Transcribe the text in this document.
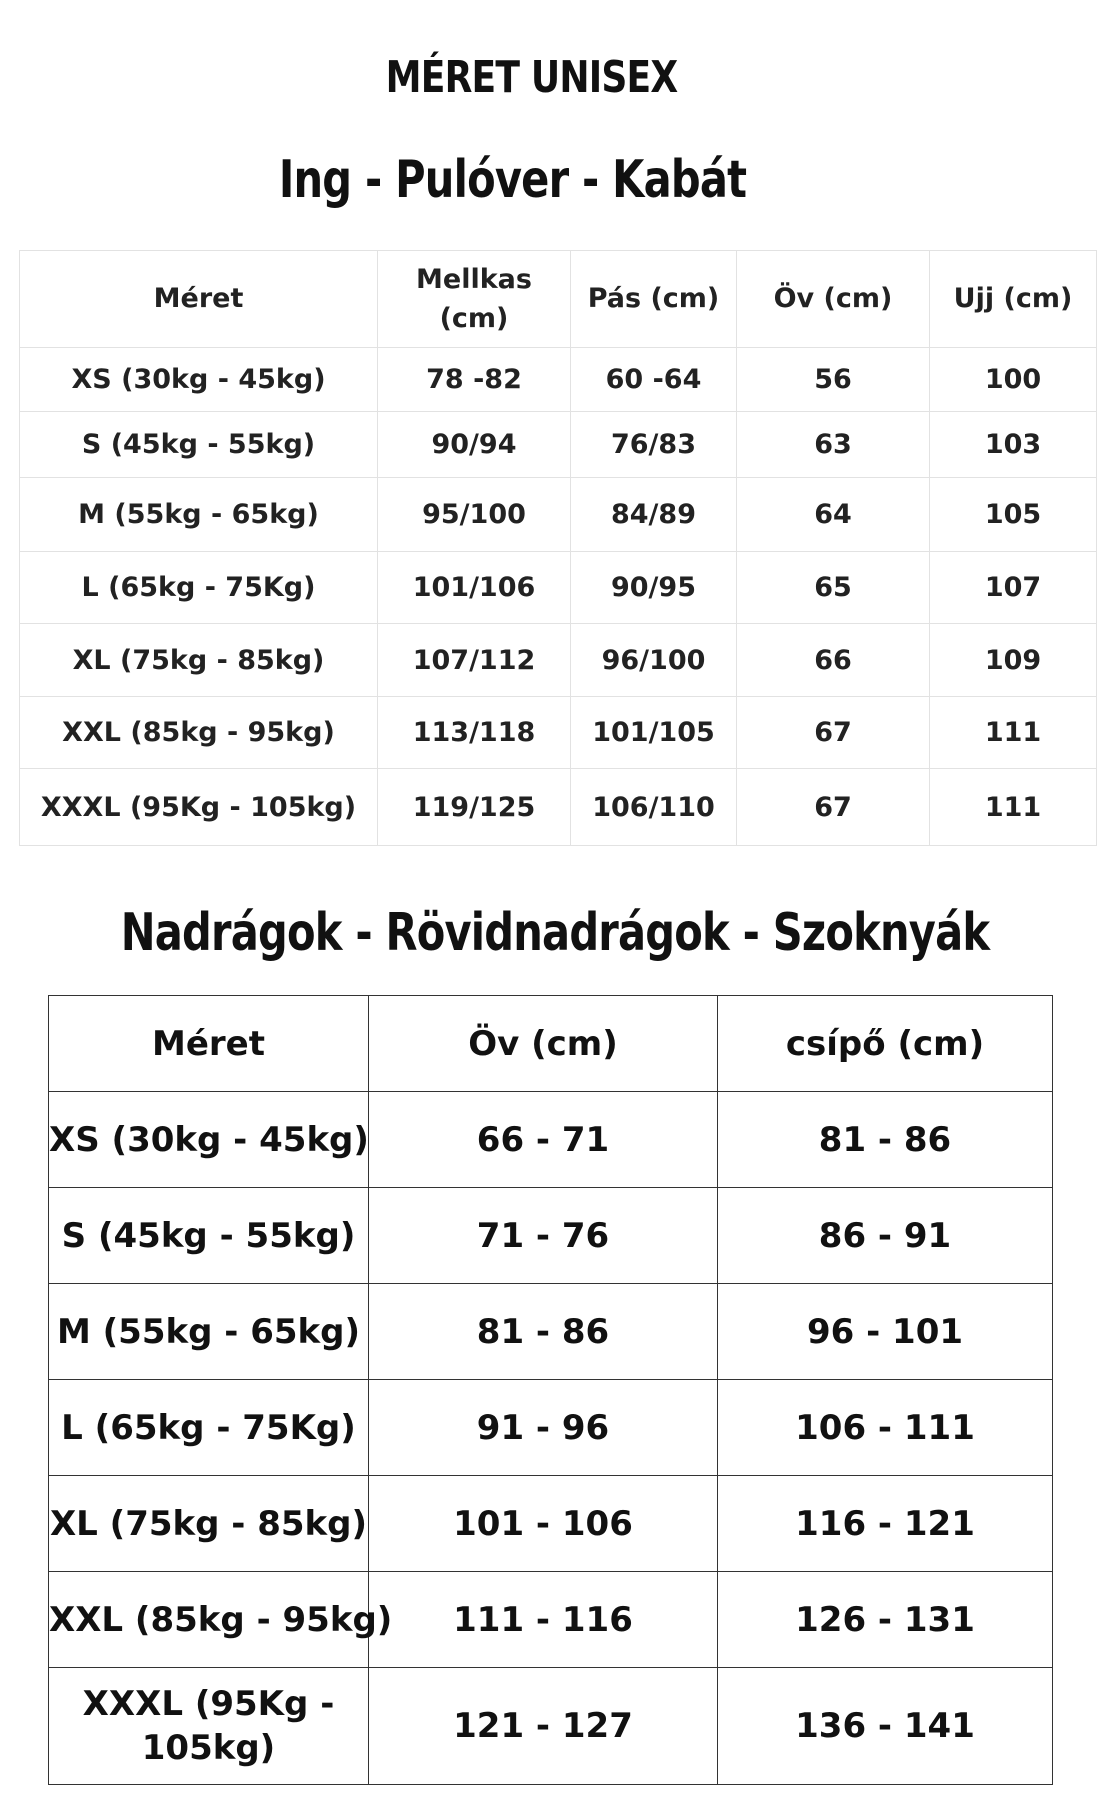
MÉRET UNISEX
Ing - Pulóver - Kabát
Méret	Mellkas (cm)	Pás (cm)	Öv (cm)	Ujj (cm)
XS (30kg - 45kg)	78 -82	60 -64	56	100
S (45kg - 55kg)	90/94	76/83	63	103
M (55kg - 65kg)	95/100	84/89	64	105
L (65kg - 75Kg)	101/106	90/95	65	107
XL (75kg - 85kg)	107/112	96/100	66	109
XXL (85kg - 95kg)	113/118	101/105	67	111
XXXL (95Kg - 105kg)	119/125	106/110	67	111
Nadrágok - Rövidnadrágok - Szoknyák
Méret	Öv (cm)	csípő (cm)
XS (30kg - 45kg)	66 - 71	81 - 86
S (45kg - 55kg)	71 - 76	86 - 91
M (55kg - 65kg)	81 - 86	96 - 101
L (65kg - 75Kg)	91 - 96	106 - 111
XL (75kg - 85kg)	101 - 106	116 - 121
XXL (85kg - 95kg)	111 - 116	126 - 131
XXXL (95Kg - 105kg)	121 - 127	136 - 141
